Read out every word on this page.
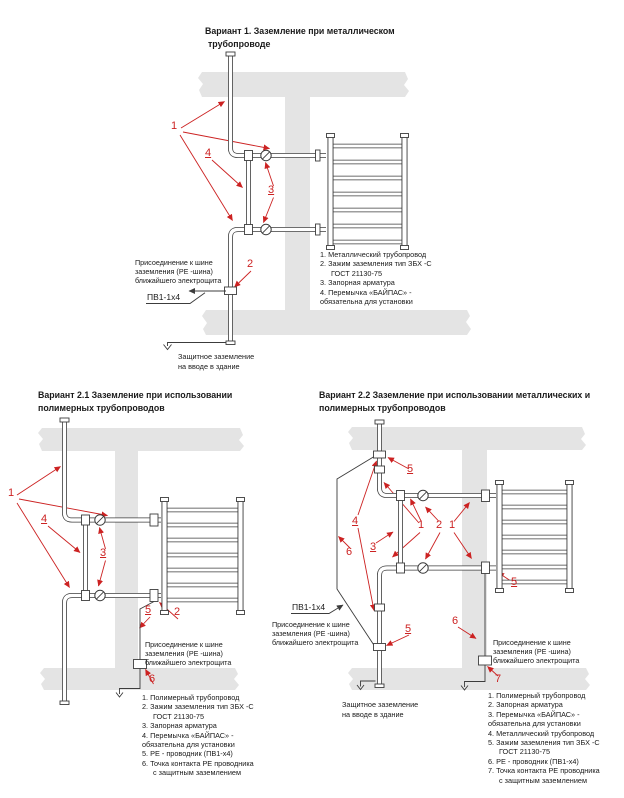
Вариант 1. Заземление при металлическом
трубопроводе
Присоединение к шине
заземления (PE -шина)
ближайшего электрощита
ПВ1-1х4
Защитное заземление
на вводе в здание
1. Металлический трубопровод
2. Зажим заземления тип ЗБХ -С
ГОСТ 21130-75
3. Запорная арматура
4. Перемычка «БАЙПАС» -
обязательна для установки
1
4
3
2
Вариант 2.1 Заземление при использовании
полимерных трубопроводов
Присоединение к шине
заземления (PE -шина)
ближайшего электрощита
1. Полимерный трубопровод
2. Зажим заземления тип ЗБХ -С
ГОСТ 21130-75
3. Запорная арматура
4. Перемычка «БАЙПАС» -
обязательна для установки
5. PE - проводник (ПВ1-х4)
6. Точка контакта PE проводника
с защитным заземлением
1
4
3
5 2
6
Вариант 2.2 Заземление при использовании металлических и
полимерных трубопроводов
ПВ1-1х4
Присоединение к шине
заземления (PE -шина)
ближайшего электрощита	Присоединение к шине
заземления (PE -шина)
ближайшего электрощита
Защитное заземление
на вводе в здание
1. Полимерный трубопровод
2. Запорная арматура
3. Перемычка «БАЙПАС» -
обязательна для установки
4. Металлический трубопровод
5. Зажим заземления тип ЗБХ -С
ГОСТ 21130-75
6. PE - проводник (ПВ1-х4)
7. Точка контакта PE проводника
с защитным заземлением
5
4
3
1 2 1
5
5
6
6
7
